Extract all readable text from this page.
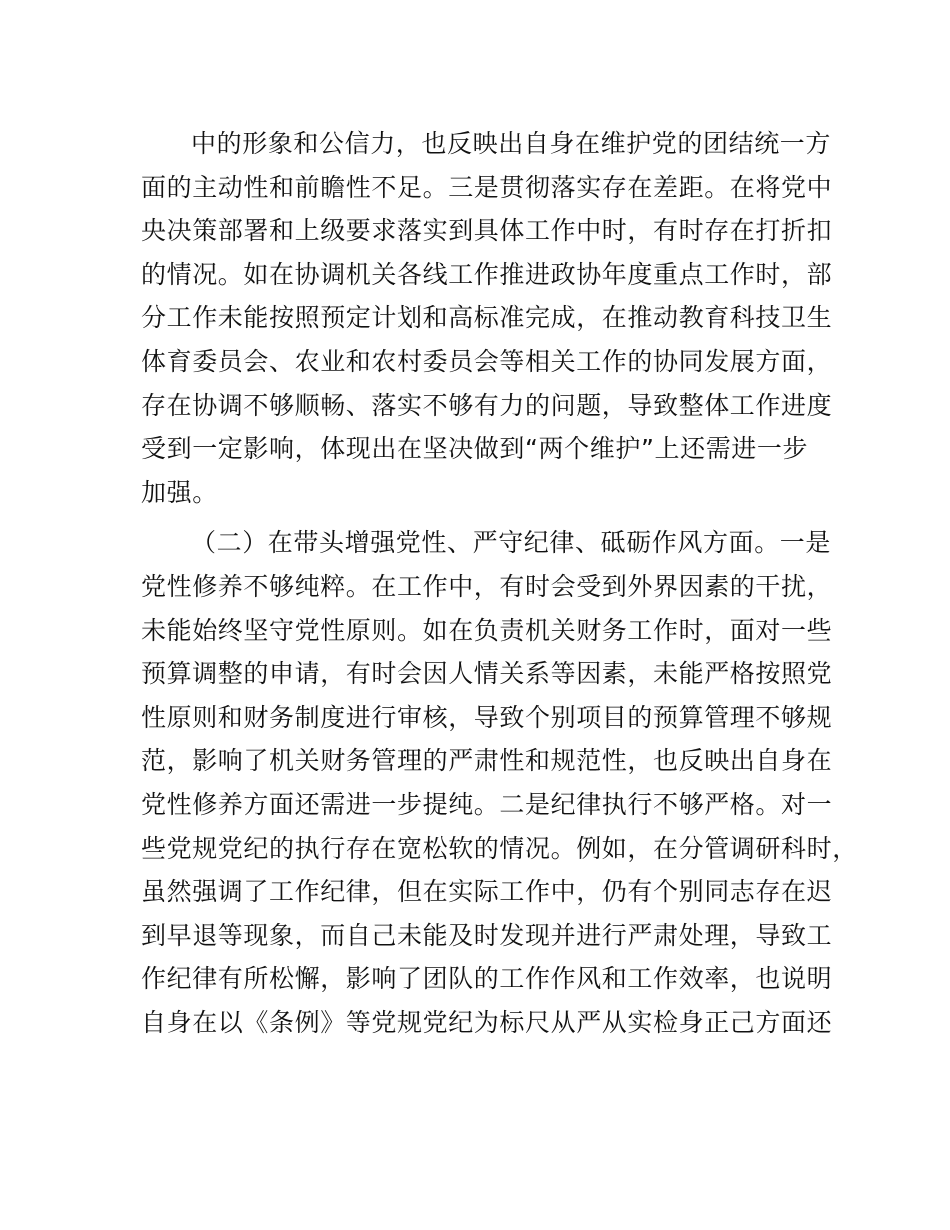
中的形象和公信力，也反映出自身在维护党的团结统一方
面的主动性和前瞻性不足。三是贯彻落实存在差距。在将党中
央决策部署和上级要求落实到具体工作中时，有时存在打折扣
的情况。如在协调机关各线工作推进政协年度重点工作时，部
分工作未能按照预定计划和高标准完成，在推动教育科技卫生
体育委员会、农业和农村委员会等相关工作的协同发展方面，
存在协调不够顺畅、落实不够有力的问题，导致整体工作进度
受到一定影响，体现出在坚决做到“两个维护”上还需进一步
加强。
（二）在带头增强党性、严守纪律、砥砺作风方面。一是
党性修养不够纯粹。在工作中，有时会受到外界因素的干扰，
未能始终坚守党性原则。如在负责机关财务工作时，面对一些
预算调整的申请，有时会因人情关系等因素，未能严格按照党
性原则和财务制度进行审核，导致个别项目的预算管理不够规
范，影响了机关财务管理的严肃性和规范性，也反映出自身在
党性修养方面还需进一步提纯。二是纪律执行不够严格。对一
些党规党纪的执行存在宽松软的情况。例如，在分管调研科时，
虽然强调了工作纪律，但在实际工作中，仍有个别同志存在迟
到早退等现象，而自己未能及时发现并进行严肃处理，导致工
作纪律有所松懈，影响了团队的工作作风和工作效率，也说明
自身在以《条例》等党规党纪为标尺从严从实检身正己方面还
